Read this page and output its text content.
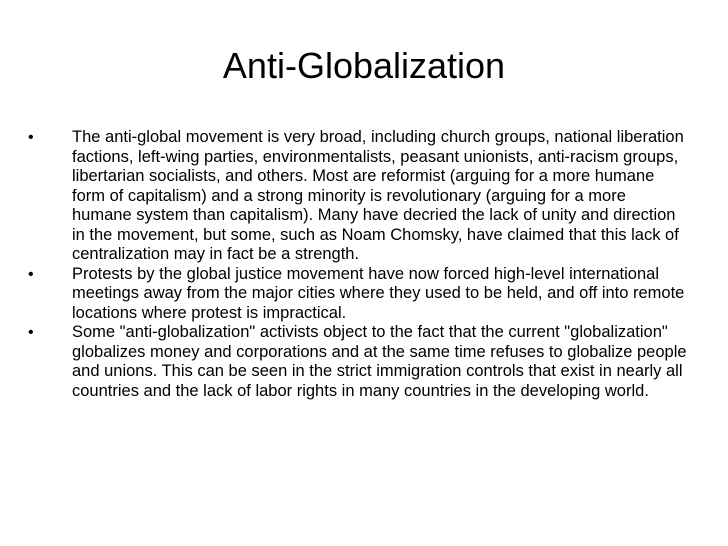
Anti-Globalization
•	The anti-global movement is very broad, including church groups, national liberation factions, left-wing parties, environmentalists, peasant unionists, anti-racism groups, libertarian socialists, and others. Most are reformist (arguing for a more humane form of capitalism) and a strong minority is revolutionary (arguing for a more humane system than capitalism). Many have decried the lack of unity and direction in the movement, but some, such as Noam Chomsky, have claimed that this lack of centralization may in fact be a strength.
•	Protests by the global justice movement have now forced high-level international meetings away from the major cities where they used to be held, and off into remote locations where protest is impractical.
•	Some "anti-globalization" activists object to the fact that the current "globalization" globalizes money and corporations and at the same time refuses to globalize people and unions. This can be seen in the strict immigration controls that exist in nearly all countries and the lack of labor rights in many countries in the developing world.
